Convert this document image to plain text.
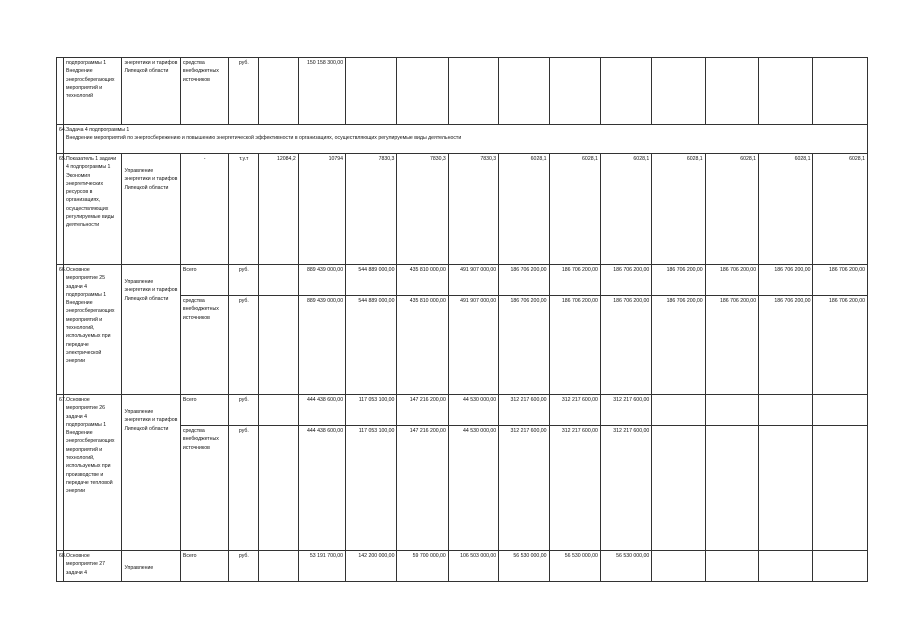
	подпрограммы 1 Внедрение энергосберегающих мероприятий и технологий	энергетики и тарифов Липецкой области	средства внебюджетных источников	руб.		150 158 300,00										
64.	Задача 4 подпрограммы 1
Внедрение мероприятий по энергосбережению и повышению энергетической эффективности в организациях, осуществляющих регулируемые виды деятельности															

65.	Показатель 1 задачи 4 подпрограммы 1 Экономия энергетических ресурсов в организациях, осуществляющих регулируемые виды деятельности	Управление энергетики и тарифов Липецкой области	-	т.у.т	12084,2	10794	7830,3	7830,3	7830,3	6028,1	6028,1	6028,1	6028,1	6028,1	6028,1	6028,1
66.	Основное мероприятие 25 задачи 4 подпрограммы 1 Внедрение энергосберегающих мероприятий и технологий, используемых при передаче электрической энергии	Управление энергетики и тарифов Липецкой области	Всего	руб.		889 439 000,00	544 889 000,00	435 810 000,00	491 907 000,00	186 706 200,00	186 706 200,00	186 706 200,00	186 706 200,00	186 706 200,00	186 706 200,00	186 706 200,00
			средства внебюджетных источников	руб.		889 439 000,00	544 889 000,00	435 810 000,00	491 907 000,00	186 706 200,00	186 706 200,00	186 706 200,00	186 706 200,00	186 706 200,00	186 706 200,00	186 706 200,00
67.	Основное мероприятие 26 задачи 4 подпрограммы 1 Внедрение энергосберегающих мероприятий и технологий, используемых при производстве и передаче тепловой энергии	Управление энергетики и тарифов Липецкой области	Всего	руб.		444 438 600,00	117 053 100,00	147 216 200,00	44 530 000,00	312 217 600,00	312 217 600,00	312 217 600,00				
			средства внебюджетных источников	руб.		444 438 600,00	117 053 100,00	147 216 200,00	44 530 000,00	312 217 600,00	312 217 600,00	312 217 600,00				
68.	Основное мероприятие 27 задачи 4	Управление	Всего	руб.		53 191 700,00	142 200 000,00	59 700 000,00	106 503 000,00	56 530 000,00	56 530 000,00	56 530 000,00				
